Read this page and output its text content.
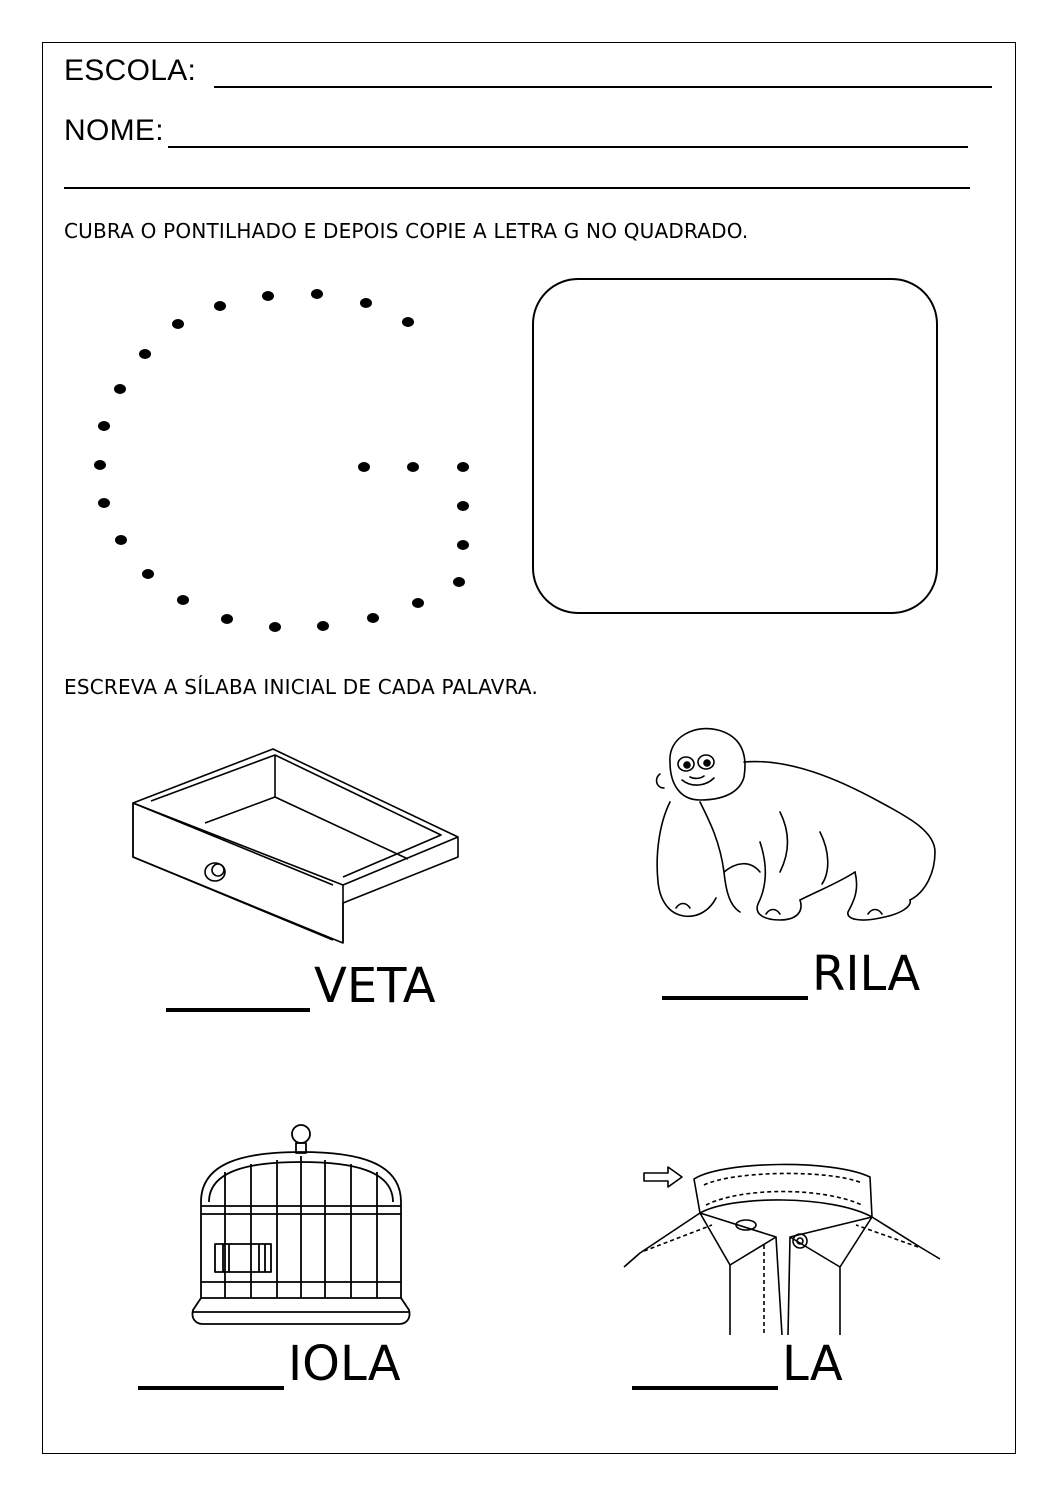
ESCOLA:
NOME:
CUBRA O PONTILHADO E DEPOIS COPIE A LETRA G NO QUADRADO.
ESCREVA A SÍLABA INICIAL DE CADA PALAVRA.
VETA	RILA
IOLA	LA
